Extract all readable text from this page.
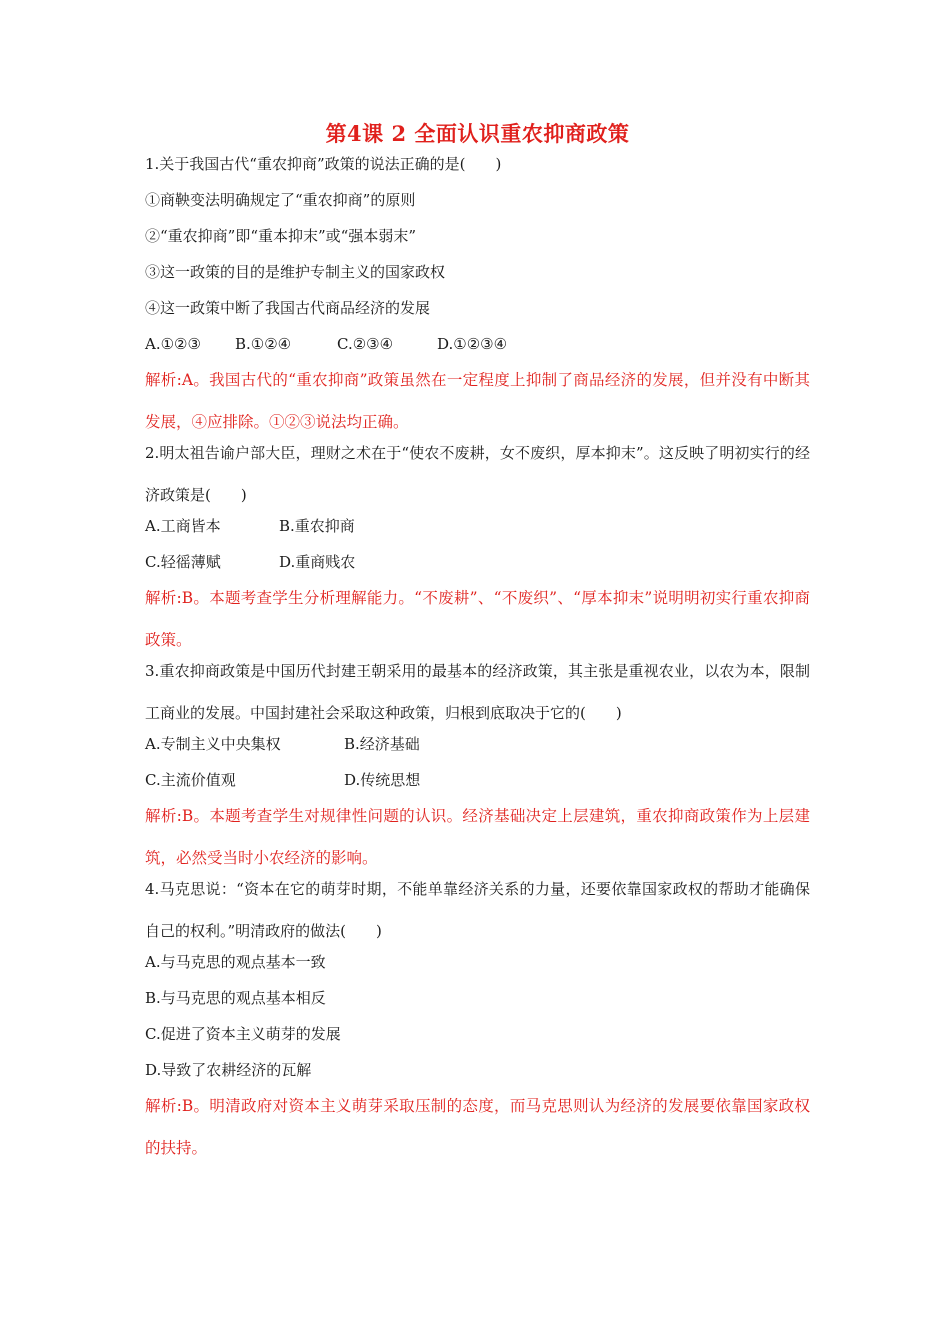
第4课 2 全面认识重农抑商政策

1.关于我国古代“重农抑商”政策的说法正确的是(　　)

①商鞅变法明确规定了“重农抑商”的原则

②“重农抑商”即“重本抑末”或“强本弱末”

③这一政策的目的是维护专制主义的国家政权

④这一政策中断了我国古代商品经济的发展

A.①②③	B.①②④	C.②③④	D.①②③④

解析:A。我国古代的“重农抑商”政策虽然在一定程度上抑制了商品经济的发展，但并没有中断其发展，④应排除。①②③说法均正确。

2.明太祖告谕户部大臣，理财之术在于“使农不废耕，女不废织，厚本抑末”。这反映了明初实行的经济政策是(　　)

A.工商皆本	B.重农抑商
C.轻徭薄赋	D.重商贱农

解析:B。本题考查学生分析理解能力。“不废耕”、“不废织”、“厚本抑末”说明明初实行重农抑商政策。

3.重农抑商政策是中国历代封建王朝采用的最基本的经济政策，其主张是重视农业，以农为本，限制工商业的发展。中国封建社会采取这种政策，归根到底取决于它的(　　)

A.专制主义中央集权	B.经济基础
C.主流价值观	D.传统思想

解析:B。本题考查学生对规律性问题的认识。经济基础决定上层建筑，重农抑商政策作为上层建筑，必然受当时小农经济的影响。

4.马克思说：“资本在它的萌芽时期，不能单靠经济关系的力量，还要依靠国家政权的帮助才能确保自己的权利。”明清政府的做法(　　)

A.与马克思的观点基本一致

B.与马克思的观点基本相反

C.促进了资本主义萌芽的发展

D.导致了农耕经济的瓦解

解析:B。明清政府对资本主义萌芽采取压制的态度，而马克思则认为经济的发展要依靠国家政权的扶持。
